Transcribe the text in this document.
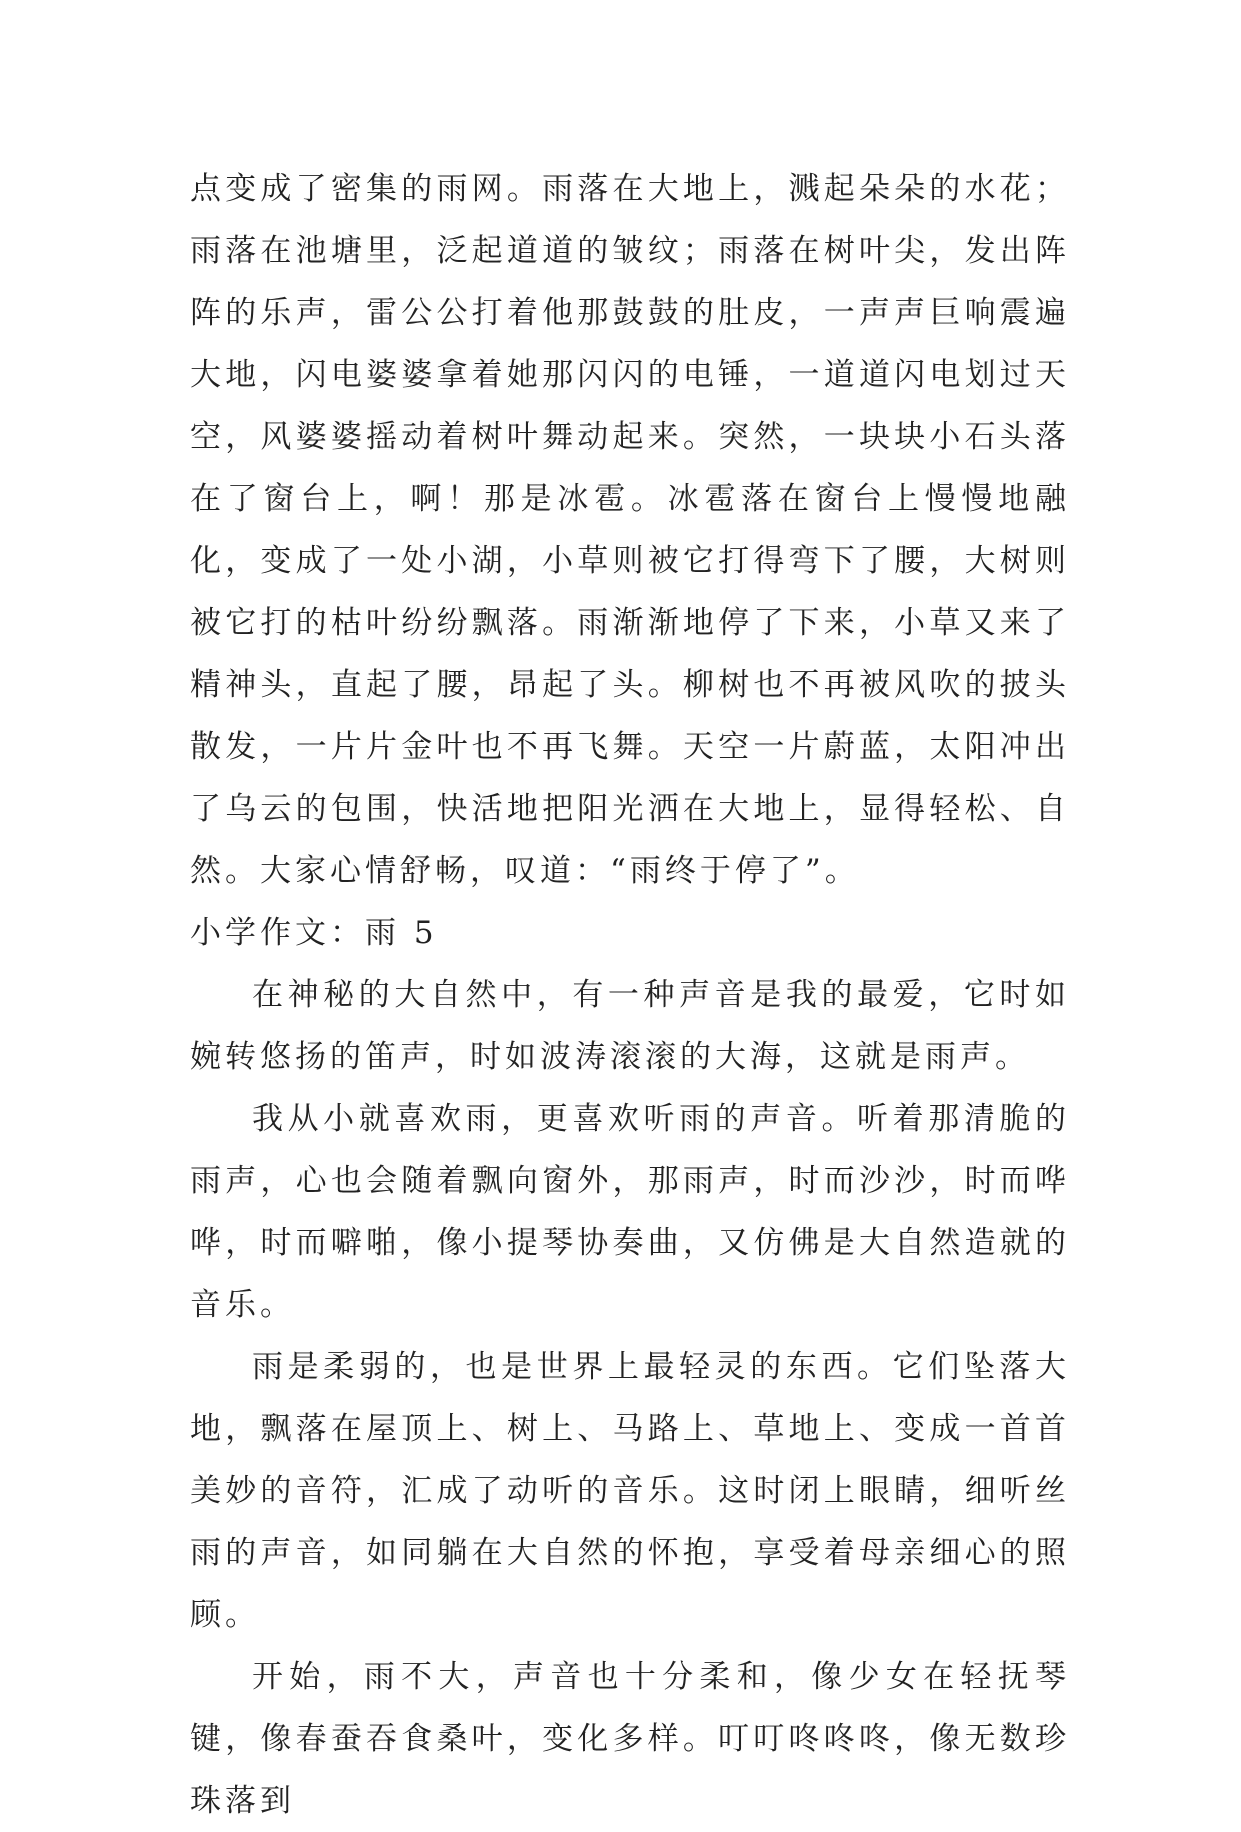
点变成了密集的雨网。雨落在大地上，溅起朵朵的水花；雨落在池塘里，泛起道道的皱纹；雨落在树叶尖，发出阵阵的乐声，雷公公打着他那鼓鼓的肚皮，一声声巨响震遍大地，闪电婆婆拿着她那闪闪的电锤，一道道闪电划过天空，风婆婆摇动着树叶舞动起来。突然，一块块小石头落在了窗台上，啊！那是冰雹。冰雹落在窗台上慢慢地融化，变成了一处小湖，小草则被它打得弯下了腰，大树则被它打的枯叶纷纷飘落。雨渐渐地停了下来，小草又来了精神头，直起了腰，昂起了头。柳树也不再被风吹的披头散发，一片片金叶也不再飞舞。天空一片蔚蓝，太阳冲出了乌云的包围，快活地把阳光洒在大地上，显得轻松、自然。大家心情舒畅，叹道：“雨终于停了”。

小学作文：雨 5

在神秘的大自然中，有一种声音是我的最爱，它时如婉转悠扬的笛声，时如波涛滚滚的大海，这就是雨声。

我从小就喜欢雨，更喜欢听雨的声音。听着那清脆的雨声，心也会随着飘向窗外，那雨声，时而沙沙，时而哗哗，时而噼啪，像小提琴协奏曲，又仿佛是大自然造就的音乐。

雨是柔弱的，也是世界上最轻灵的东西。它们坠落大地，飘落在屋顶上、树上、马路上、草地上、变成一首首美妙的音符，汇成了动听的音乐。这时闭上眼睛，细听丝雨的声音，如同躺在大自然的怀抱，享受着母亲细心的照顾。

开始，雨不大，声音也十分柔和，像少女在轻抚琴键，像春蚕吞食桑叶，变化多样。叮叮咚咚咚，像无数珍珠落到
